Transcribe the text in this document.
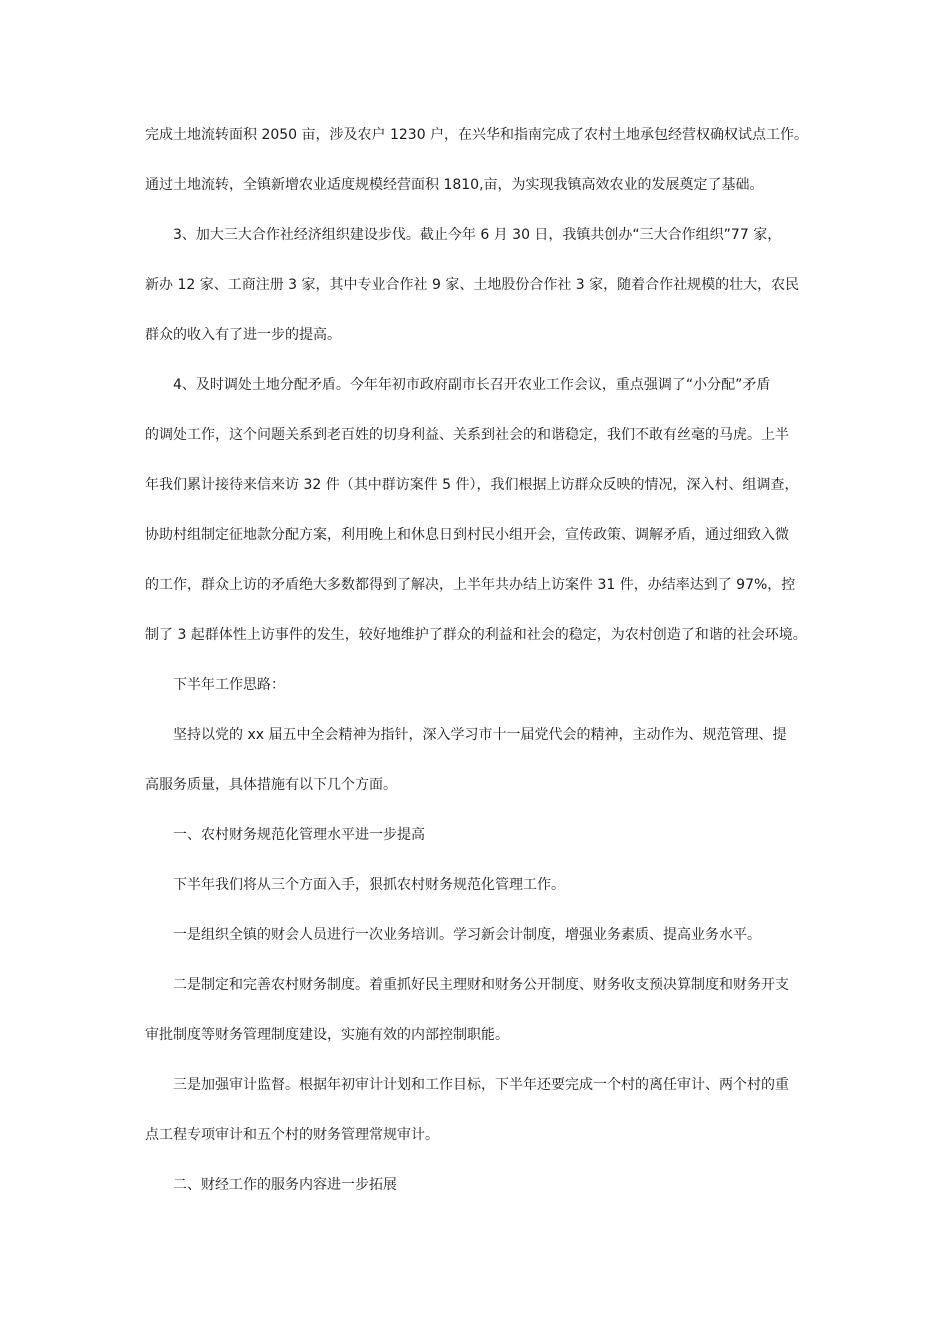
完成土地流转面积 2050 亩，涉及农户 1230 户，在兴华和指南完成了农村土地承包经营权确权试点工作。
通过土地流转，全镇新增农业适度规模经营面积 1810,亩，为实现我镇高效农业的发展奠定了基础。
3、加大三大合作社经济组织建设步伐。截止今年 6 月 30 日，我镇共创办“三大合作组织”77 家，
新办 12 家、工商注册 3 家，其中专业合作社 9 家、土地股份合作社 3 家，随着合作社规模的壮大，农民
群众的收入有了进一步的提高。
4、及时调处土地分配矛盾。今年年初市政府副市长召开农业工作会议，重点强调了“小分配”矛盾
的调处工作，这个问题关系到老百姓的切身利益、关系到社会的和谐稳定，我们不敢有丝毫的马虎。上半
年我们累计接待来信来访 32 件（其中群访案件 5 件），我们根据上访群众反映的情况，深入村、组调查，
协助村组制定征地款分配方案，利用晚上和休息日到村民小组开会，宣传政策、调解矛盾，通过细致入微
的工作，群众上访的矛盾绝大多数都得到了解决，上半年共办结上访案件 31 件，办结率达到了 97%，控
制了 3 起群体性上访事件的发生，较好地维护了群众的利益和社会的稳定，为农村创造了和谐的社会环境。
下半年工作思路：
坚持以党的 xx 届五中全会精神为指针，深入学习市十一届党代会的精神，主动作为、规范管理、提
高服务质量，具体措施有以下几个方面。
一、农村财务规范化管理水平进一步提高
下半年我们将从三个方面入手，狠抓农村财务规范化管理工作。
一是组织全镇的财会人员进行一次业务培训。学习新会计制度，增强业务素质、提高业务水平。
二是制定和完善农村财务制度。着重抓好民主理财和财务公开制度、财务收支预决算制度和财务开支
审批制度等财务管理制度建设，实施有效的内部控制职能。
三是加强审计监督。根据年初审计计划和工作目标，下半年还要完成一个村的离任审计、两个村的重
点工程专项审计和五个村的财务管理常规审计。
二、财经工作的服务内容进一步拓展
